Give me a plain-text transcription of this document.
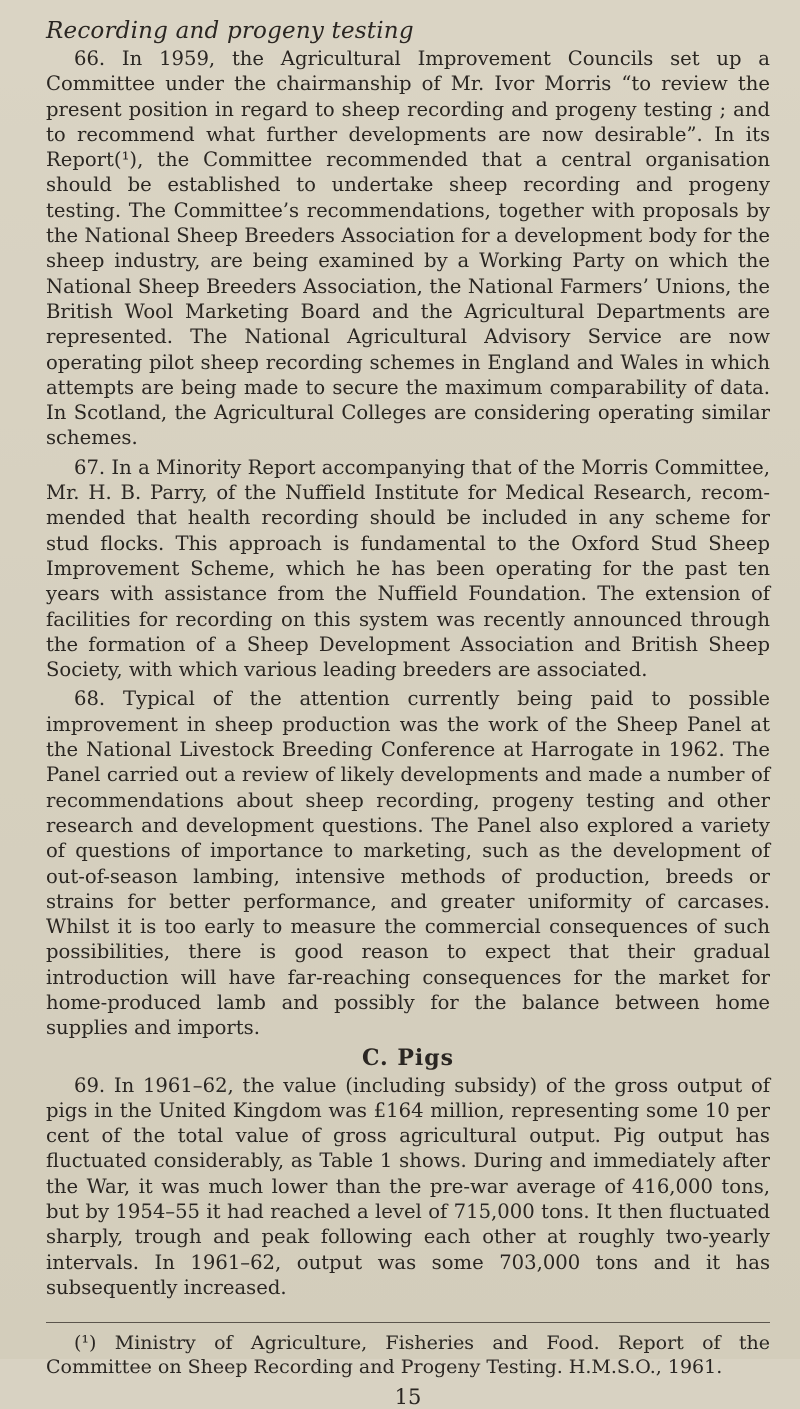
Recording and progeny testing

66. In 1959, the Agricultural Improvement Councils set up a Committee under the chairmanship of Mr. Ivor Morris “to review the present position in regard to sheep recording and progeny testing ; and to recommend what further developments are now desirable”. In its Report(¹), the Committee recommended that a central organisation should be established to undertake sheep recording and progeny testing. The Committee’s recommendations, together with proposals by the National Sheep Breeders Association for a development body for the sheep industry, are being examined by a Working Party on which the National Sheep Breeders Association, the National Farmers’ Unions, the British Wool Marketing Board and the Agricultural Departments are represented. The National Agricultural Advisory Service are now operating pilot sheep recording schemes in England and Wales in which attempts are being made to secure the maximum comparability of data. In Scotland, the Agricultural Colleges are considering operating similar schemes.

67. In a Minority Report accompanying that of the Morris Committee, Mr. H. B. Parry, of the Nuffield Institute for Medical Research, recommended that health recording should be included in any scheme for stud flocks. This approach is fundamental to the Oxford Stud Sheep Improvement Scheme, which he has been operating for the past ten years with assistance from the Nuffield Foundation. The extension of facilities for recording on this system was recently announced through the formation of a Sheep Development Association and British Sheep Society, with which various leading breeders are associated.

68. Typical of the attention currently being paid to possible improvement in sheep production was the work of the Sheep Panel at the National Livestock Breeding Conference at Harrogate in 1962. The Panel carried out a review of likely developments and made a number of recommendations about sheep recording, progeny testing and other research and development questions. The Panel also explored a variety of questions of importance to marketing, such as the development of out-of-season lambing, intensive methods of production, breeds or strains for better performance, and greater uniformity of carcases. Whilst it is too early to measure the commercial consequences of such possibilities, there is good reason to expect that their gradual introduction will have far-reaching consequences for the market for home-produced lamb and possibly for the balance between home supplies and imports.

C. Pigs

69. In 1961–62, the value (including subsidy) of the gross output of pigs in the United Kingdom was £164 million, representing some 10 per cent of the total value of gross agricultural output. Pig output has fluctuated considerably, as Table 1 shows. During and immediately after the War, it was much lower than the pre-war average of 416,000 tons, but by 1954–55 it had reached a level of 715,000 tons. It then fluctuated sharply, trough and peak following each other at roughly two-yearly intervals. In 1961–62, output was some 703,000 tons and it has subsequently increased.

(¹) Ministry of Agriculture, Fisheries and Food. Report of the Committee on Sheep Recording and Progeny Testing. H.M.S.O., 1961.

15
